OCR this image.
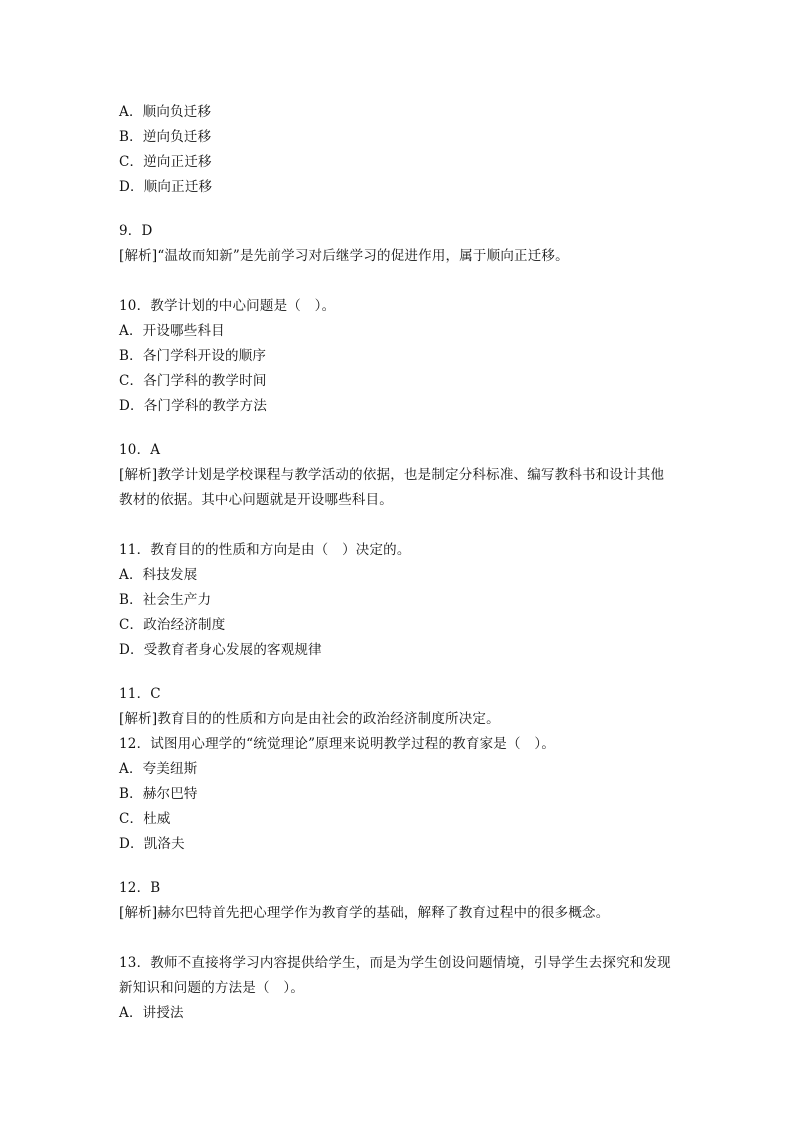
A．顺向负迁移
B．逆向负迁移
C．逆向正迁移
D．顺向正迁移
9．D
[解析]“温故而知新”是先前学习对后继学习的促进作用，属于顺向正迁移。
10．教学计划的中心问题是（　）。
A．开设哪些科目
B．各门学科开设的顺序
C．各门学科的教学时间
D．各门学科的教学方法
10．A
[解析]教学计划是学校课程与教学活动的依据，也是制定分科标准、编写教科书和设计其他
教材的依据。其中心问题就是开设哪些科目。
11．教育目的的性质和方向是由（　）决定的。
A．科技发展
B．社会生产力
C．政治经济制度
D．受教育者身心发展的客观规律
11．C
[解析]教育目的的性质和方向是由社会的政治经济制度所决定。
12．试图用心理学的“统觉理论”原理来说明教学过程的教育家是（　）。
A．夸美纽斯
B．赫尔巴特
C．杜威
D．凯洛夫
12．B
[解析]赫尔巴特首先把心理学作为教育学的基础，解释了教育过程中的很多概念。
13．教师不直接将学习内容提供给学生，而是为学生创设问题情境，引导学生去探究和发现
新知识和问题的方法是（　）。
A．讲授法
